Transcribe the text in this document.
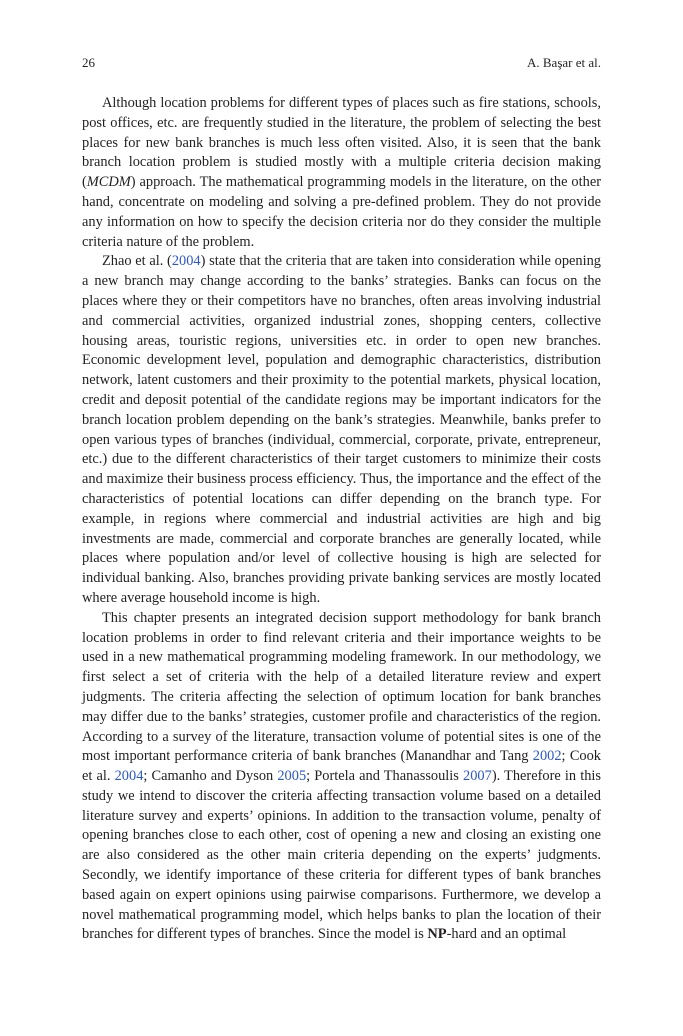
26	A. Başar et al.

Although location problems for different types of places such as fire stations, schools, post offices, etc. are frequently studied in the literature, the problem of selecting the best places for new bank branches is much less often visited. Also, it is seen that the bank branch location problem is studied mostly with a multiple criteria decision making (MCDM) approach. The mathematical programming models in the literature, on the other hand, concentrate on modeling and solving a pre-defined problem. They do not provide any information on how to specify the decision criteria nor do they consider the multiple criteria nature of the problem.

Zhao et al. (2004) state that the criteria that are taken into consideration while opening a new branch may change according to the banks’ strategies. Banks can focus on the places where they or their competitors have no branches, often areas involving industrial and commercial activities, organized industrial zones, shopping centers, collective housing areas, touristic regions, universities etc. in order to open new branches. Economic development level, population and demographic characteristics, distribution network, latent customers and their proximity to the potential markets, physical location, credit and deposit potential of the candidate regions may be important indicators for the branch location problem depending on the bank’s strategies. Meanwhile, banks prefer to open various types of branches (individual, commercial, corporate, private, entrepreneur, etc.) due to the different characteristics of their target customers to minimize their costs and maximize their business process efficiency. Thus, the importance and the effect of the characteristics of potential locations can differ depending on the branch type. For example, in regions where commercial and industrial activities are high and big investments are made, commercial and corporate branches are generally located, while places where population and/or level of collective housing is high are selected for individual banking. Also, branches providing private banking services are mostly located where average household income is high.

This chapter presents an integrated decision support methodology for bank branch location problems in order to find relevant criteria and their importance weights to be used in a new mathematical programming modeling framework. In our methodology, we first select a set of criteria with the help of a detailed literature review and expert judgments. The criteria affecting the selection of optimum location for bank branches may differ due to the banks’ strategies, customer profile and characteristics of the region. According to a survey of the literature, transaction volume of potential sites is one of the most important performance criteria of bank branches (Manandhar and Tang 2002; Cook et al. 2004; Camanho and Dyson 2005; Portela and Thanassoulis 2007). Therefore in this study we intend to discover the criteria affecting transaction volume based on a detailed literature survey and experts’ opinions. In addition to the transaction volume, penalty of opening branches close to each other, cost of opening a new and closing an existing one are also considered as the other main criteria depending on the experts’ judgments. Secondly, we identify importance of these criteria for different types of bank branches based again on expert opinions using pairwise comparisons. Furthermore, we develop a novel mathematical programming model, which helps banks to plan the location of their branches for different types of branches. Since the model is NP-hard and an optimal
